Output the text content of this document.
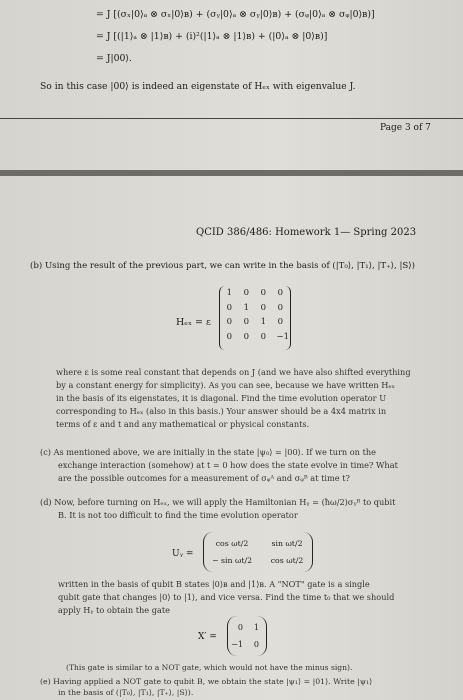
= J [(σₓ|0⟩ₐ ⊗ σₓ|0⟩ʙ) + (σᵧ|0⟩ₐ ⊗ σᵧ|0⟩ʙ) + (σᵩ|0⟩ₐ ⊗ σᵩ|0⟩ʙ)]
= J [(|1⟩ₐ ⊗ |1⟩ʙ) + (i)²(|1⟩ₐ ⊗ |1⟩ʙ) + (|0⟩ₐ ⊗ |0⟩ʙ)]
= J|00⟩.
So in this case |00⟩ is indeed an eigenstate of Hₑₓ with eigenvalue J.
Page 3 of 7
QCID 386/486: Homework 1— Spring 2023
(b) Using the result of the previous part, we can write in the basis of (|T₀⟩, |T₁⟩, |T₊⟩, |S⟩)
Hₑₓ = ε
1	0	0	0
0	1	0	0
0	0	1	0
0	0	0 −1
where ε is some real constant that depends on J (and we have also shifted everything
by a constant energy for simplicity). As you can see, because we have written Hₑₓ
in the basis of its eigenstates, it is diagonal. Find the time evolution operator U
corresponding to Hₑₓ (also in this basis.) Your answer should be a 4x4 matrix in
terms of ε and t and any mathematical or physical constants.
(c) As mentioned above, we are initially in the state |ψ₀⟩ = |00⟩. If we turn on the
exchange interaction (somehow) at t = 0 how does the state evolve in time? What
are the possible outcomes for a measurement of σᵩᴬ and σᵩᴮ at time t?
(d) Now, before turning on Hₑₓ, we will apply the Hamiltonian Hᵧ = (ħω/2)σᵧᴮ to qubit
B. It is not too difficult to find the time evolution operator
Uᵧ =
cos ωt/2	sin ωt/2
− sin ωt/2	cos ωt/2
written in the basis of qubit B states |0⟩ʙ and |1⟩ʙ. A "NOT" gate is a single
qubit gate that changes |0⟩ to |1⟩, and vice versa. Find the time t₀ that we should
apply Hᵧ to obtain the gate
X′ =
0	1
−1	0
(This gate is similar to a NOT gate, which would not have the minus sign).
(e) Having applied a NOT gate to qubit B, we obtain the state |ψ₁⟩ = |01⟩. Write |ψ₁⟩
in the basis of (|T₀⟩, |T₁⟩, |T₊⟩, |S⟩).
